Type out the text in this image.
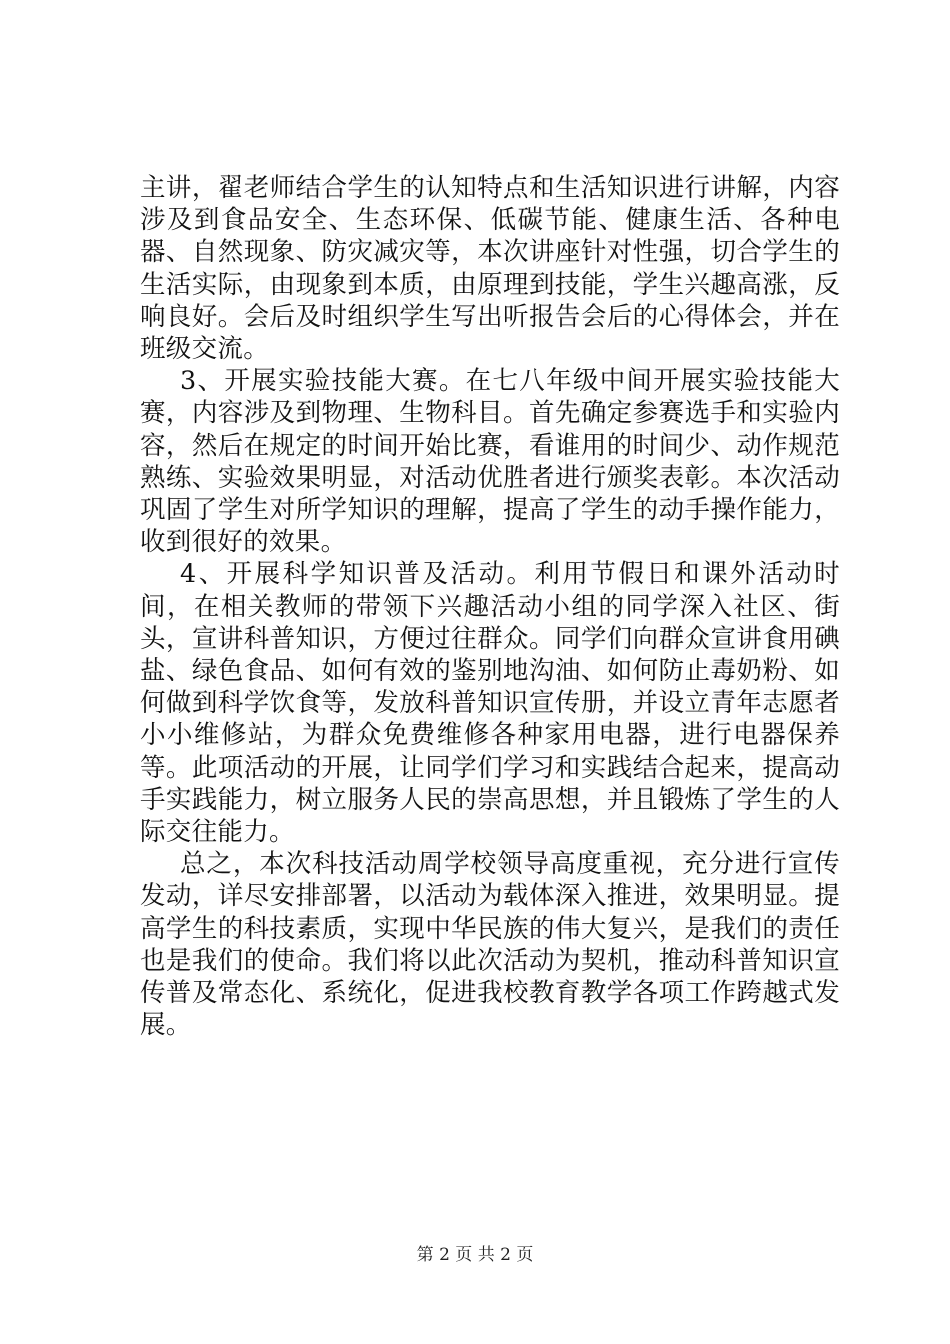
主讲，翟老师结合学生的认知特点和生活知识进行讲解，内容涉及到食品安全、生态环保、低碳节能、健康生活、各种电器、自然现象、防灾减灾等，本次讲座针对性强，切合学生的生活实际，由现象到本质，由原理到技能，学生兴趣高涨，反响良好。会后及时组织学生写出听报告会后的心得体会，并在班级交流。

3、开展实验技能大赛。在七八年级中间开展实验技能大赛，内容涉及到物理、生物科目。首先确定参赛选手和实验内容，然后在规定的时间开始比赛，看谁用的时间少、动作规范熟练、实验效果明显，对活动优胜者进行颁奖表彰。本次活动巩固了学生对所学知识的理解，提高了学生的动手操作能力，收到很好的效果。

4、开展科学知识普及活动。利用节假日和课外活动时间，在相关教师的带领下兴趣活动小组的同学深入社区、街头，宣讲科普知识，方便过往群众。同学们向群众宣讲食用碘盐、绿色食品、如何有效的鉴别地沟油、如何防止毒奶粉、如何做到科学饮食等，发放科普知识宣传册，并设立青年志愿者小小维修站，为群众免费维修各种家用电器，进行电器保养等。此项活动的开展，让同学们学习和实践结合起来，提高动手实践能力，树立服务人民的崇高思想，并且锻炼了学生的人际交往能力。

总之，本次科技活动周学校领导高度重视，充分进行宣传发动，详尽安排部署，以活动为载体深入推进，效果明显。提高学生的科技素质，实现中华民族的伟大复兴，是我们的责任也是我们的使命。我们将以此次活动为契机，推动科普知识宣传普及常态化、系统化，促进我校教育教学各项工作跨越式发展。

第 2 页 共 2 页
